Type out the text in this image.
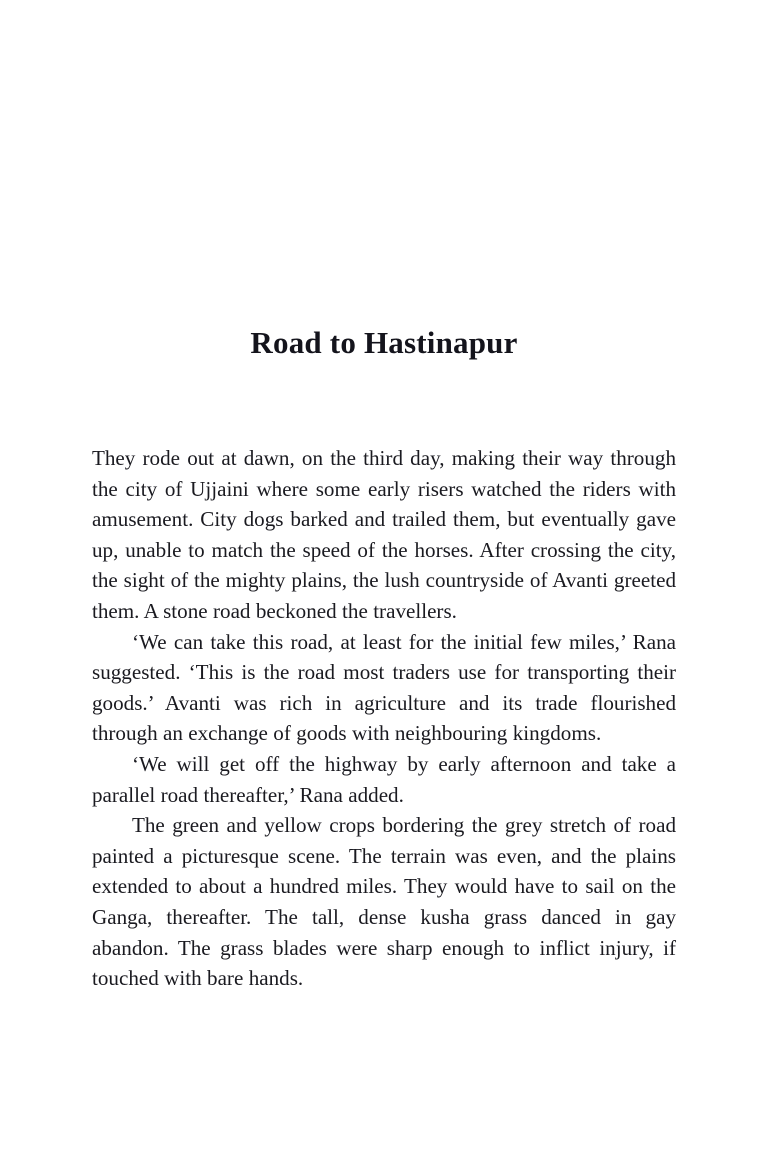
Road to Hastinapur

They rode out at dawn, on the third day, making their way through the city of Ujjaini where some early risers watched the riders with amusement. City dogs barked and trailed them, but eventually gave up, unable to match the speed of the horses. After crossing the city, the sight of the mighty plains, the lush countryside of Avanti greeted them. A stone road beckoned the travellers.

‘We can take this road, at least for the initial few miles,’ Rana suggested. ‘This is the road most traders use for transporting their goods.’ Avanti was rich in agriculture and its trade flourished through an exchange of goods with neighbouring kingdoms.

‘We will get off the highway by early afternoon and take a parallel road thereafter,’ Rana added.

The green and yellow crops bordering the grey stretch of road painted a picturesque scene. The terrain was even, and the plains extended to about a hundred miles. They would have to sail on the Ganga, thereafter. The tall, dense kusha grass danced in gay abandon. The grass blades were sharp enough to inflict injury, if touched with bare hands.
